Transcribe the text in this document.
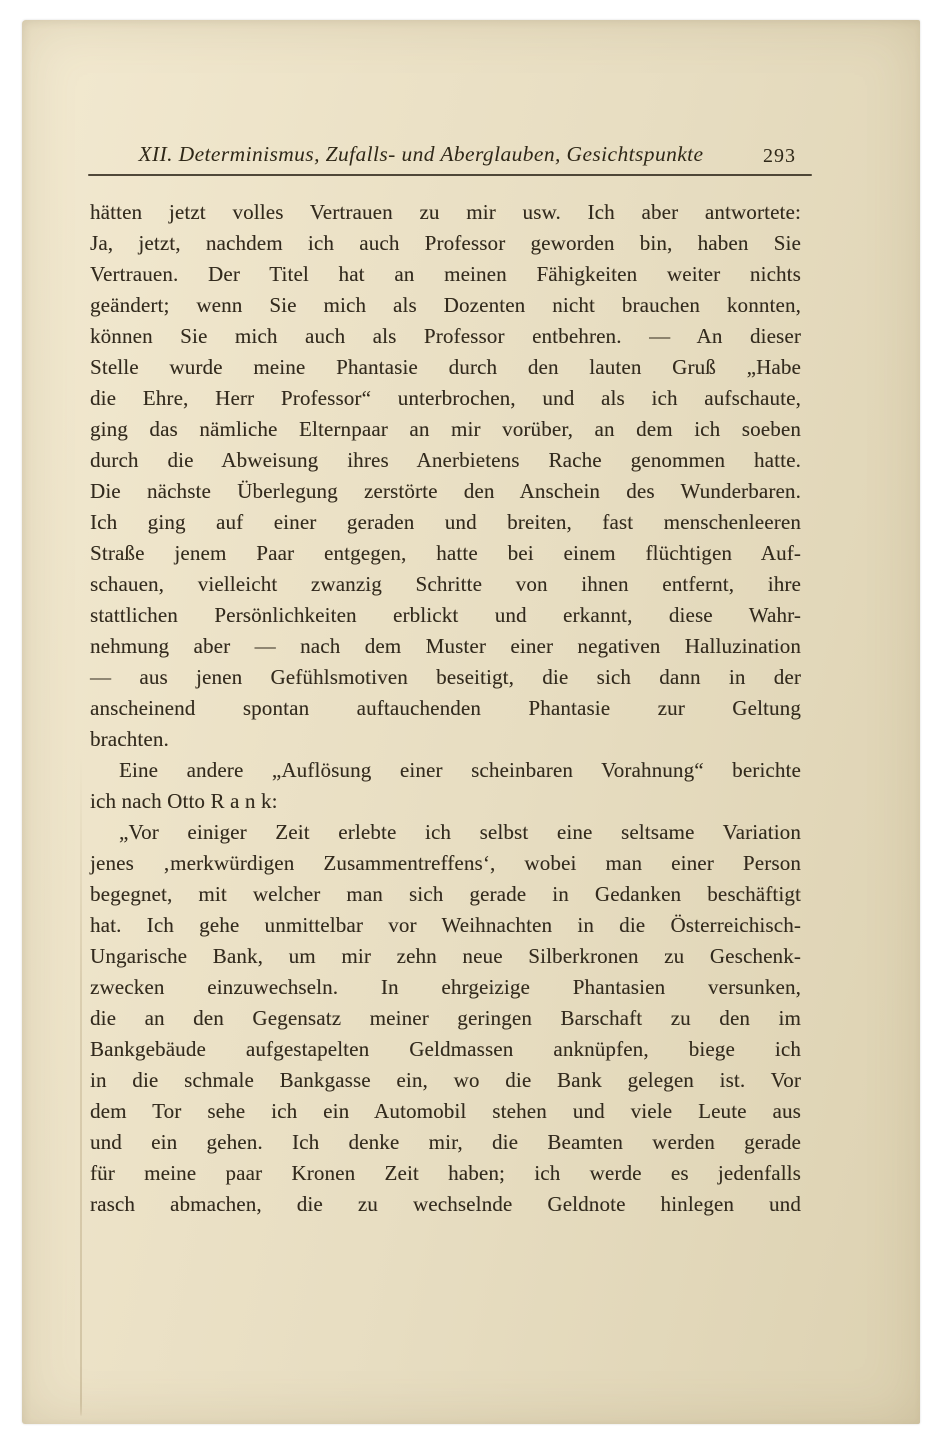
XII. Determinismus, Zufalls- und Aberglauben, Gesichtspunkte	293
hätten jetzt volles Vertrauen zu mir usw. Ich aber antwortete:
Ja, jetzt, nachdem ich auch Professor geworden bin, haben Sie
Vertrauen. Der Titel hat an meinen Fähigkeiten weiter nichts
geändert; wenn Sie mich als Dozenten nicht brauchen konnten,
können Sie mich auch als Professor entbehren. — An dieser
Stelle wurde meine Phantasie durch den lauten Gruß „Habe
die Ehre, Herr Professor“ unterbrochen, und als ich aufschaute,
ging das nämliche Elternpaar an mir vorüber, an dem ich soeben
durch die Abweisung ihres Anerbietens Rache genommen hatte.
Die nächste Überlegung zerstörte den Anschein des Wunderbaren.
Ich ging auf einer geraden und breiten, fast menschenleeren
Straße jenem Paar entgegen, hatte bei einem flüchtigen Auf-
schauen, vielleicht zwanzig Schritte von ihnen entfernt, ihre
stattlichen Persönlichkeiten erblickt und erkannt, diese Wahr-
nehmung aber — nach dem Muster einer negativen Halluzination
— aus jenen Gefühlsmotiven beseitigt, die sich dann in der
anscheinend spontan auftauchenden Phantasie zur Geltung
brachten.
Eine andere „Auflösung einer scheinbaren Vorahnung“ berichte
ich nach Otto R a n k:
„Vor einiger Zeit erlebte ich selbst eine seltsame Variation
jenes ‚merkwürdigen Zusammentreffens‘, wobei man einer Person
begegnet, mit welcher man sich gerade in Gedanken beschäftigt
hat. Ich gehe unmittelbar vor Weihnachten in die Österreichisch-
Ungarische Bank, um mir zehn neue Silberkronen zu Geschenk-
zwecken einzuwechseln. In ehrgeizige Phantasien versunken,
die an den Gegensatz meiner geringen Barschaft zu den im
Bankgebäude aufgestapelten Geldmassen anknüpfen, biege ich
in die schmale Bankgasse ein, wo die Bank gelegen ist. Vor
dem Tor sehe ich ein Automobil stehen und viele Leute aus
und ein gehen. Ich denke mir, die Beamten werden gerade
für meine paar Kronen Zeit haben; ich werde es jedenfalls
rasch abmachen, die zu wechselnde Geldnote hinlegen und
